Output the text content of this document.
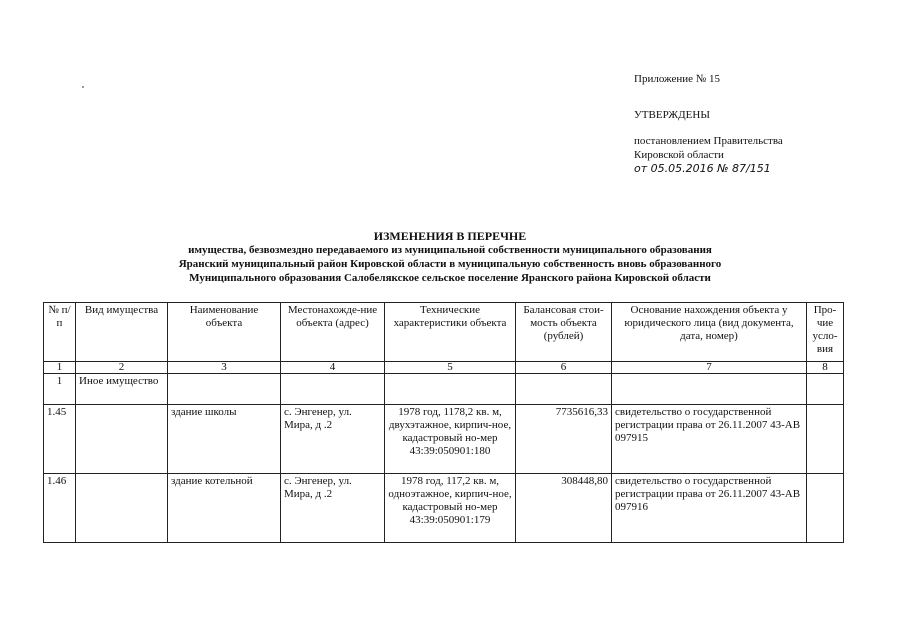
Приложение № 15
УТВЕРЖДЕНЫ
постановлением Правительства
Кировской области
от 05.05.2016 № 87/151
ИЗМЕНЕНИЯ В ПЕРЕЧНЕ
имущества, безвозмездно передаваемого из муниципальной собственности муниципального образования
Яранский муниципальный район Кировской области в муниципальную собственность вновь образованного
Муниципального образования Салобелякское сельское поселение Яранского района Кировской области
№ п/п	Вид имущества	Наименование объекта	Местонахожде-ние объекта (адрес)	Технические характеристики объекта	Балансовая стои-мость объекта (рублей)	Основание нахождения объекта у юридического лица (вид документа, дата, номер)	Про-чие усло-вия
1	2	3	4	5	6	7	8
1	Иное имущество						
1.45		здание школы	с. Энгенер, ул. Мира, д .2	1978 год, 1178,2 кв. м, двухэтажное, кирпич-ное, кадастровый но-мер 43:39:050901:180	7735616,33	свидетельство о государственной регистрации права от 26.11.2007 43-АВ 097915	
1.46		здание котельной	с. Энгенер, ул. Мира, д .2	1978 год, 117,2 кв. м, одноэтажное, кирпич-ное, кадастровый но-мер 43:39:050901:179	308448,80	свидетельство о государственной регистрации права от 26.11.2007 43-АВ 097916	
